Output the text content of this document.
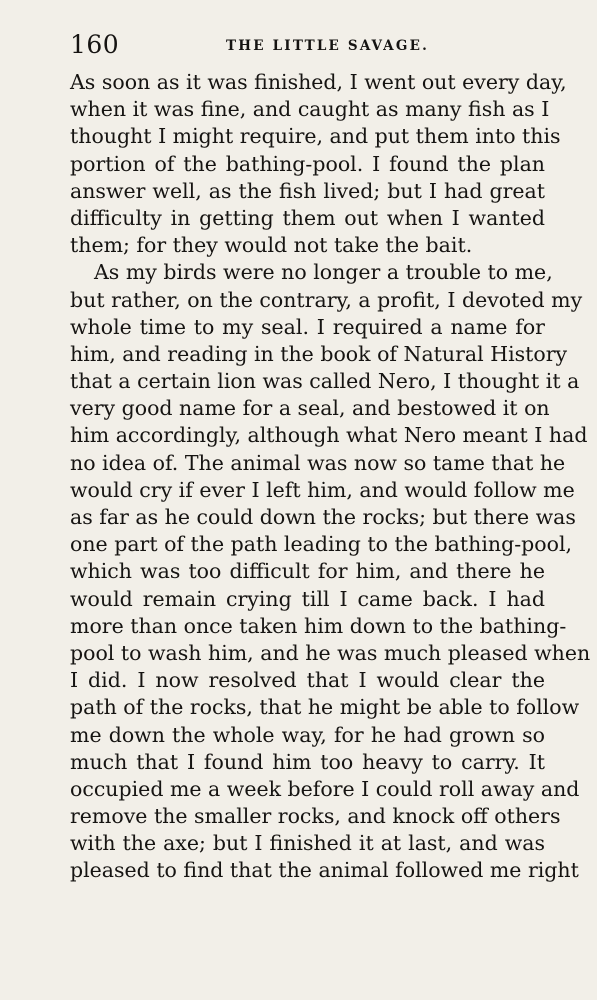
160	THE LITTLE SAVAGE.
As soon as it was finished, I went out every day,
when it was fine, and caught as many fish as I
thought I might require, and put them into this
portion of the bathing-pool. I found the plan
answer well, as the fish lived; but I had great
difficulty in getting them out when I wanted
them; for they would not take the bait.
As my birds were no longer a trouble to me,
but rather, on the contrary, a profit, I devoted my
whole time to my seal. I required a name for
him, and reading in the book of Natural History
that a certain lion was called Nero, I thought it a
very good name for a seal, and bestowed it on
him accordingly, although what Nero meant I had
no idea of. The animal was now so tame that he
would cry if ever I left him, and would follow me
as far as he could down the rocks; but there was
one part of the path leading to the bathing-pool,
which was too difficult for him, and there he
would remain crying till I came back. I had
more than once taken him down to the bathing-
pool to wash him, and he was much pleased when
I did. I now resolved that I would clear the
path of the rocks, that he might be able to follow
me down the whole way, for he had grown so
much that I found him too heavy to carry. It
occupied me a week before I could roll away and
remove the smaller rocks, and knock off others
with the axe; but I finished it at last, and was
pleased to find that the animal followed me right
